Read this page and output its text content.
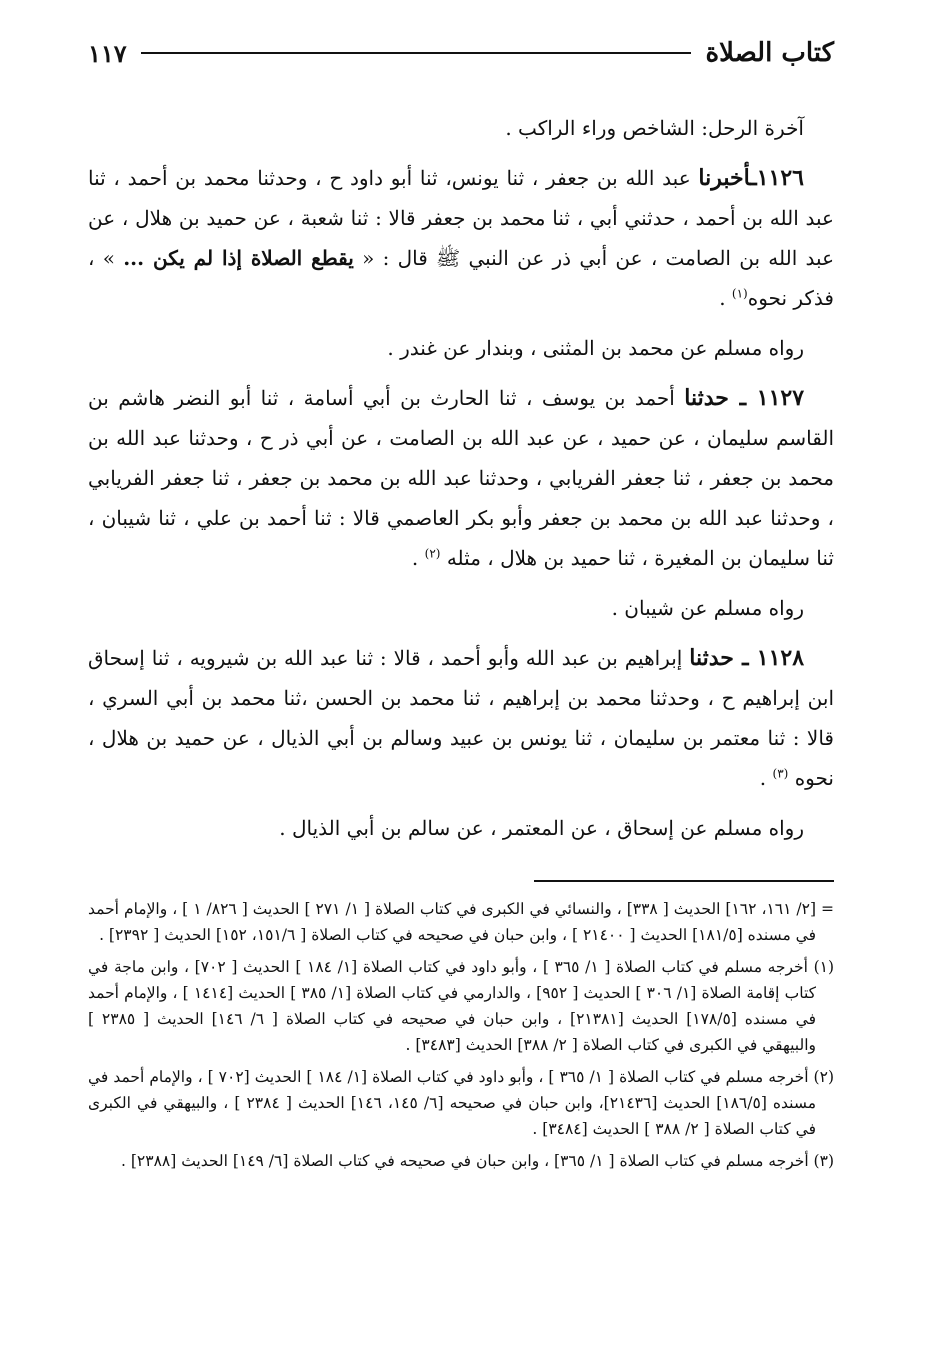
كتاب الصلاة
١١٧

آخرة الرحل: الشاخص وراء الراكب .

١١٢٦ـأخبرنا عبد الله بن جعفر ، ثنا يونس، ثنا أبو داود ح ، وحدثنا محمد بن أحمد ، ثنا عبد الله بن أحمد ، حدثني أبي ، ثنا محمد بن جعفر قالا : ثنا شعبة ، عن حميد بن هلال ، عن عبد الله بن الصامت ، عن أبي ذر عن النبي ﷺ قال : « يقطع الصلاة إذا لم يكن ... » ، فذكر نحوه$^{(١)}$ .

رواه مسلم عن محمد بن المثنى ، وبندار عن غندر .

١١٢٧ ـ حدثنا أحمد بن يوسف ، ثنا الحارث بن أبي أسامة ، ثنا أبو النضر هاشم بن القاسم سليمان ، عن حميد ، عن عبد الله بن الصامت ، عن أبي ذر ح ، وحدثنا عبد الله بن محمد بن جعفر ، ثنا جعفر الفريابي ، وحدثنا عبد الله بن محمد بن جعفر ، ثنا جعفر الفريابي ، وحدثنا عبد الله بن محمد بن جعفر وأبو بكر العاصمي قالا : ثنا أحمد بن علي ، ثنا شيبان ، ثنا سليمان بن المغيرة ، ثنا حميد بن هلال ، مثله $^{(٢)}$ .

رواه مسلم عن شيبان .

١١٢٨ ـ حدثنا إبراهيم بن عبد الله وأبو أحمد ، قالا : ثنا عبد الله بن شيرويه ، ثنا إسحاق ابن إبراهيم ح ، وحدثنا محمد بن إبراهيم ، ثنا محمد بن الحسن ،ثنا محمد بن أبي السري ، قالا : ثنا معتمر بن سليمان ، ثنا يونس بن عبيد وسالم بن أبي الذيال ، عن حميد بن هلال ، نحوه $^{(٣)}$ .

رواه مسلم عن إسحاق ، عن المعتمر ، عن سالم بن أبي الذيال .

= [٢/ ١٦١، ١٦٢] الحديث [ ٣٣٨] ، والنسائي في الكبرى في كتاب الصلاة [ ١/ ٢٧١ ] الحديث [ ٨٢٦/ ١ ] ، والإمام أحمد في مسنده [١٨١/٥] الحديث [ ٢١٤٠٠ ] ، وابن حبان في صحيحه في كتاب الصلاة [ ١٥١/٦، ١٥٢] الحديث [ ٢٣٩٢] .

(١) أخرجه مسلم في كتاب الصلاة [ ١/ ٣٦٥ ] ، وأبو داود في كتاب الصلاة [١/ ١٨٤ ] الحديث [ ٧٠٢] ، وابن ماجة في كتاب إقامة الصلاة [١/ ٣٠٦ ] الحديث [ ٩٥٢] ، والدارمي في كتاب الصلاة [١/ ٣٨٥ ] الحديث [١٤١٤ ] ، والإمام أحمد في مسنده [١٧٨/٥] الحديث [٢١٣٨١] ، وابن حبان في صحيحه في كتاب الصلاة [ ٦/ ١٤٦] الحديث [ ٢٣٨٥ ] والبيهقي في الكبرى في كتاب الصلاة [ ٢/ ٣٨٨] الحديث [٣٤٨٣] .

(٢) أخرجه مسلم في كتاب الصلاة [ ١/ ٣٦٥ ] ، وأبو داود في كتاب الصلاة [١/ ١٨٤ ] الحديث [٧٠٢ ] ، والإمام أحمد في مسنده [١٨٦/٥] الحديث [٢١٤٣٦]، وابن حبان في صحيحه [٦/ ١٤٥، ١٤٦] الحديث [ ٢٣٨٤ ] ، والبيهقي في الكبرى في كتاب الصلاة [ ٢/ ٣٨٨ ] الحديث [٣٤٨٤] .

(٣) أخرجه مسلم في كتاب الصلاة [ ١/ ٣٦٥] ، وابن حبان في صحيحه في كتاب الصلاة [٦/ ١٤٩] الحديث [٢٣٨٨] .
